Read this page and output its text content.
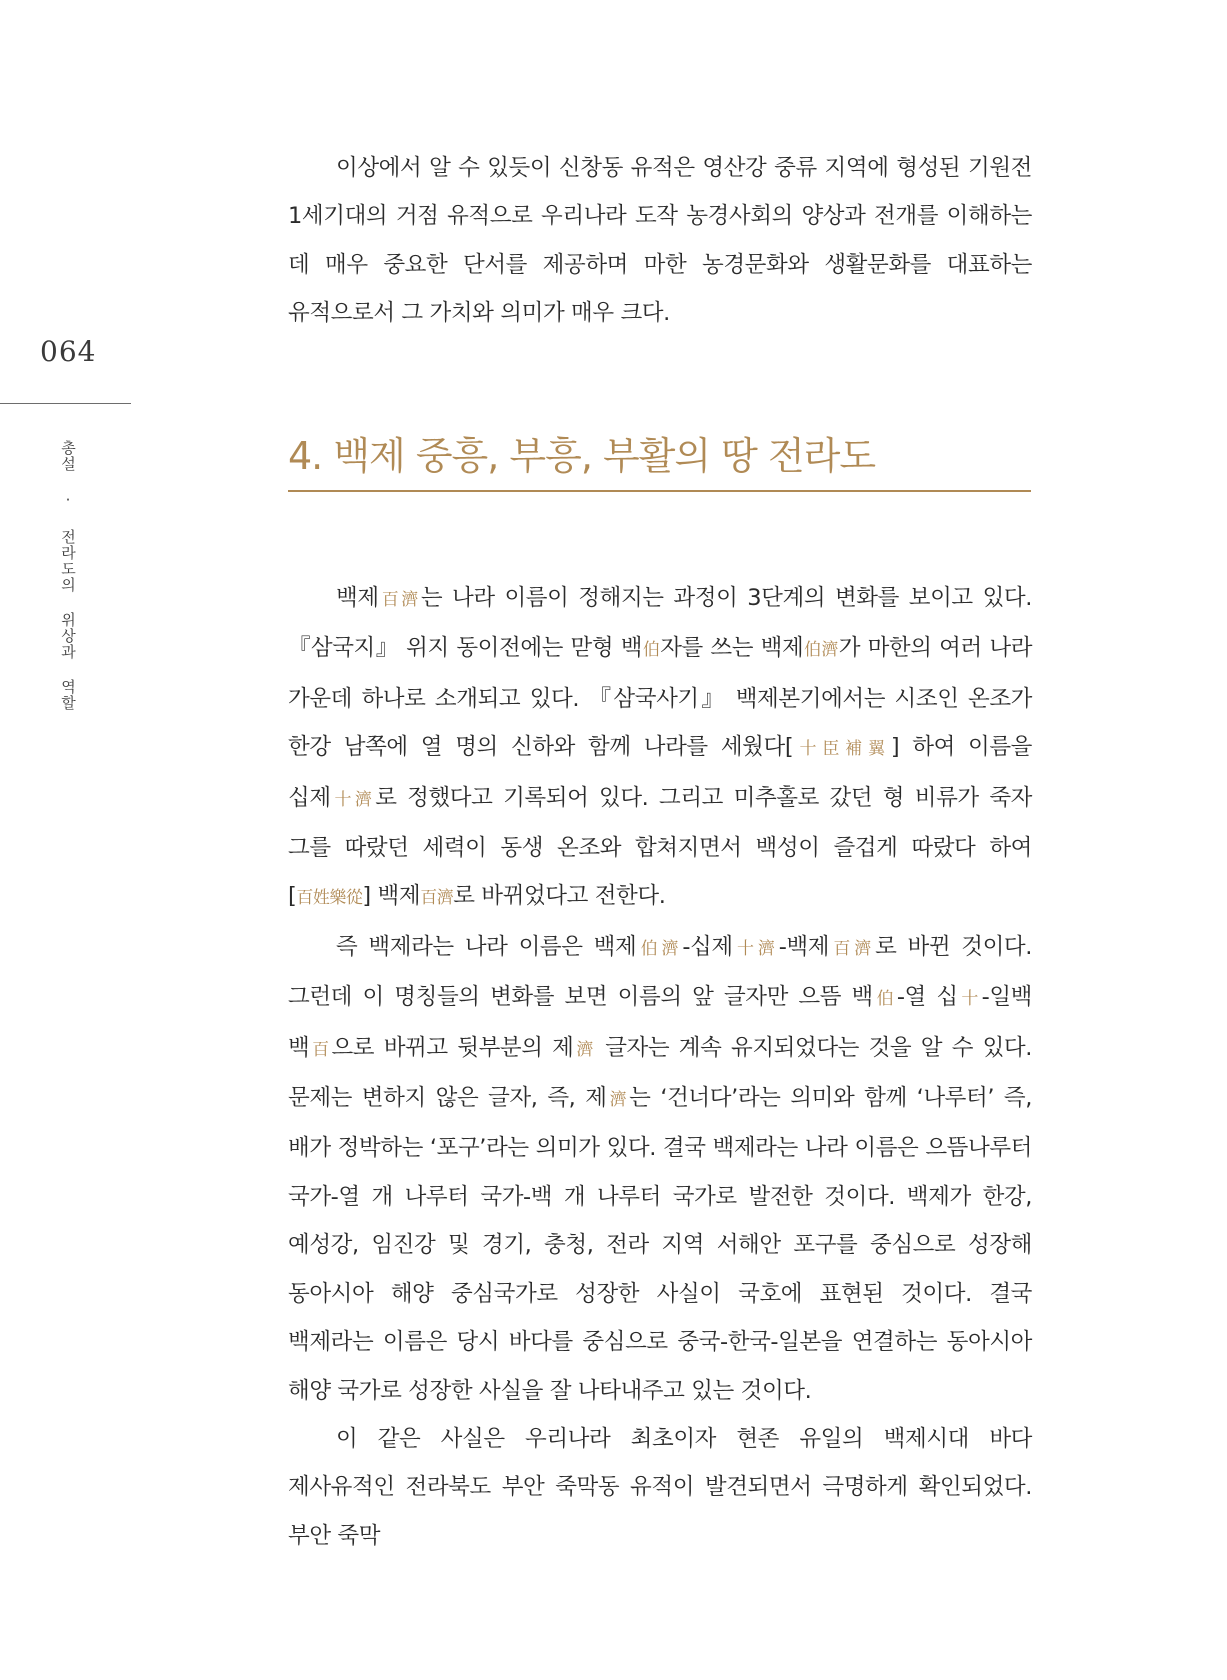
064
총설 · 전라도의 위상과 역할

이상에서 알 수 있듯이 신창동 유적은 영산강 중류 지역에 형성된 기원전 1세기대의 거점 유적으로 우리나라 도작 농경사회의 양상과 전개를 이해하는 데 매우 중요한 단서를 제공하며 마한 농경문화와 생활문화를 대표하는 유적으로서 그 가치와 의미가 매우 크다.

4. 백제 중흥, 부흥, 부활의 땅 전라도

백제百濟는 나라 이름이 정해지는 과정이 3단계의 변화를 보이고 있다. 『삼국지』 위지 동이전에는 맏형 백伯자를 쓰는 백제伯濟가 마한의 여러 나라 가운데 하나로 소개되고 있다. 『삼국사기』 백제본기에서는 시조인 온조가 한강 남쪽에 열 명의 신하와 함께 나라를 세웠다[十臣補翼] 하여 이름을 십제十濟로 정했다고 기록되어 있다. 그리고 미추홀로 갔던 형 비류가 죽자 그를 따랐던 세력이 동생 온조와 합쳐지면서 백성이 즐겁게 따랐다 하여[百姓樂從] 백제百濟로 바뀌었다고 전한다.

즉 백제라는 나라 이름은 백제伯濟-십제十濟-백제百濟로 바뀐 것이다. 그런데 이 명칭들의 변화를 보면 이름의 앞 글자만 으뜸 백伯-열 십十-일백 백百으로 바뀌고 뒷부분의 제濟 글자는 계속 유지되었다는 것을 알 수 있다. 문제는 변하지 않은 글자, 즉, 제濟는 ‘건너다’라는 의미와 함께 ‘나루터’ 즉, 배가 정박하는 ‘포구’라는 의미가 있다. 결국 백제라는 나라 이름은 으뜸나루터 국가-열 개 나루터 국가-백 개 나루터 국가로 발전한 것이다. 백제가 한강, 예성강, 임진강 및 경기, 충청, 전라 지역 서해안 포구를 중심으로 성장해 동아시아 해양 중심국가로 성장한 사실이 국호에 표현된 것이다. 결국 백제라는 이름은 당시 바다를 중심으로 중국-한국-일본을 연결하는 동아시아 해양 국가로 성장한 사실을 잘 나타내주고 있는 것이다.

이 같은 사실은 우리나라 최초이자 현존 유일의 백제시대 바다 제사유적인 전라북도 부안 죽막동 유적이 발견되면서 극명하게 확인되었다. 부안 죽막
